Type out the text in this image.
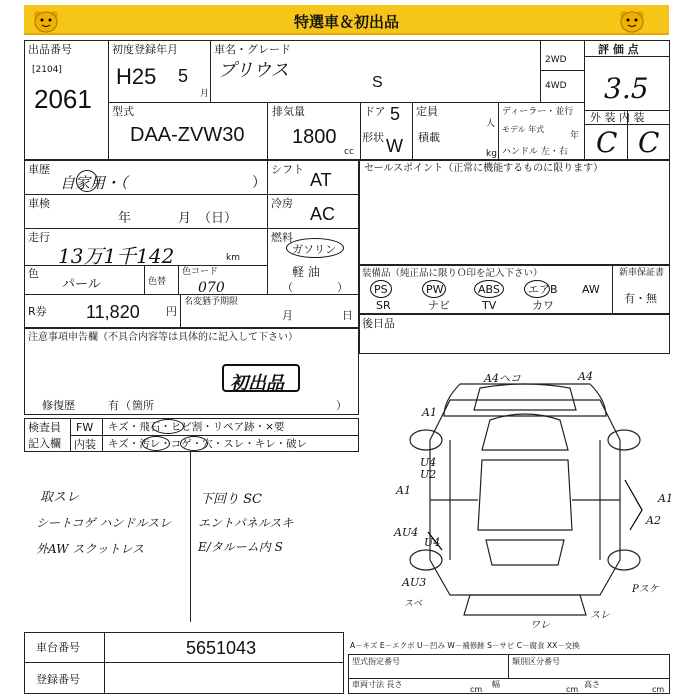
特選車＆初出品
出品番号
[2104]
2061
初度登録年月
H25 5
月
車名・グレード
プリウス
S
2WD
4WD
評 価 点
3.5
外 装 内 装
C C
型式
DAA-ZVW30
排気量
1800
cc
ドア 5
形状 W
定員
人
積載
kg
ディーラー・並行
モデル 年式
年
ハンドル 左・右
車歴
自家用・（	）
シフト
AT
車検
年	月 （日）
冷房
AC
走行
13万1千142	km
燃料
ガソリン
軽 油
（　　　　）
色
パール	色替
色コード
070
R券 11,820 円
名変猶予期限
月	日
セールスポイント（正常に機能するものに限ります）
装備品（純正品に限りＯ印を記入下さい）	新車保証書
有・無
PS	PW	ABS	エアB AW
SR	ナビ	TV	カワ
後日品
注意事項申告欄（不具合内容等は具体的に記入して下さい）
初出品
修復歴	有 （ 箇所	）
検査員
記入欄
FW キズ・飛石・ヒビ割・リペア跡・×要
内装 キズ・汚レ・コゲ・穴・スレ・キレ・破レ
取スレ
シートコゲ ハンドルスレ
外AW スクットレス
下回り SC
エントパネルスキ
E/タルーム内 S
A4ヘコ	A4
A1
U4
U2
A1
A1
A2
AU4
U4
AU3
スベ
ワレ
Pスケ
スレ
車台番号	5651043
登録番号
A－キズ E－エクボ U－凹み W－補修跡 S－サビ C－腐食 XX－交換
型式指定番号	類別区分番号
車両寸法 長さ
cm
幅
cm
高さ
cm
